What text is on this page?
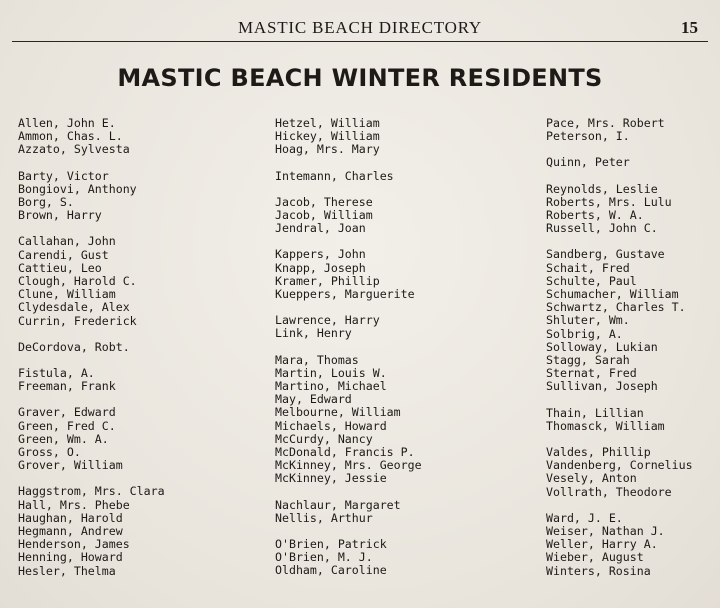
MASTIC BEACH DIRECTORY	15
MASTIC BEACH WINTER RESIDENTS
Allen, John E.
Ammon, Chas. L.
Azzato, Sylvesta
Barty, Victor
Bongiovi, Anthony
Borg, S.
Brown, Harry
Callahan, John
Carendi, Gust
Cattieu, Leo
Clough, Harold C.
Clune, William
Clydesdale, Alex
Currin, Frederick
DeCordova, Robt.
Fistula, A.
Freeman, Frank
Graver, Edward
Green, Fred C.
Green, Wm. A.
Gross, O.
Grover, William
Haggstrom, Mrs. Clara
Hall, Mrs. Phebe
Haughan, Harold
Hegmann, Andrew
Henderson, James
Henning, Howard
Hesler, Thelma
Hetzel, William
Hickey, William
Hoag, Mrs. Mary
Intemann, Charles
Jacob, Therese
Jacob, William
Jendral, Joan
Kappers, John
Knapp, Joseph
Kramer, Phillip
Kueppers, Marguerite
Lawrence, Harry
Link, Henry
Mara, Thomas
Martin, Louis W.
Martino, Michael
May, Edward
Melbourne, William
Michaels, Howard
McCurdy, Nancy
McDonald, Francis P.
McKinney, Mrs. George
McKinney, Jessie
Nachlaur, Margaret
Nellis, Arthur
O'Brien, Patrick
O'Brien, M. J.
Oldham, Caroline
Pace, Mrs. Robert
Peterson, I.
Quinn, Peter
Reynolds, Leslie
Roberts, Mrs. Lulu
Roberts, W. A.
Russell, John C.
Sandberg, Gustave
Schait, Fred
Schulte, Paul
Schumacher, William
Schwartz, Charles T.
Shluter, Wm.
Solbrig, A.
Solloway, Lukian
Stagg, Sarah
Sternat, Fred
Sullivan, Joseph
Thain, Lillian
Thomasck, William
Valdes, Phillip
Vandenberg, Cornelius
Vesely, Anton
Vollrath, Theodore
Ward, J. E.
Weiser, Nathan J.
Weller, Harry A.
Wieber, August
Winters, Rosina
